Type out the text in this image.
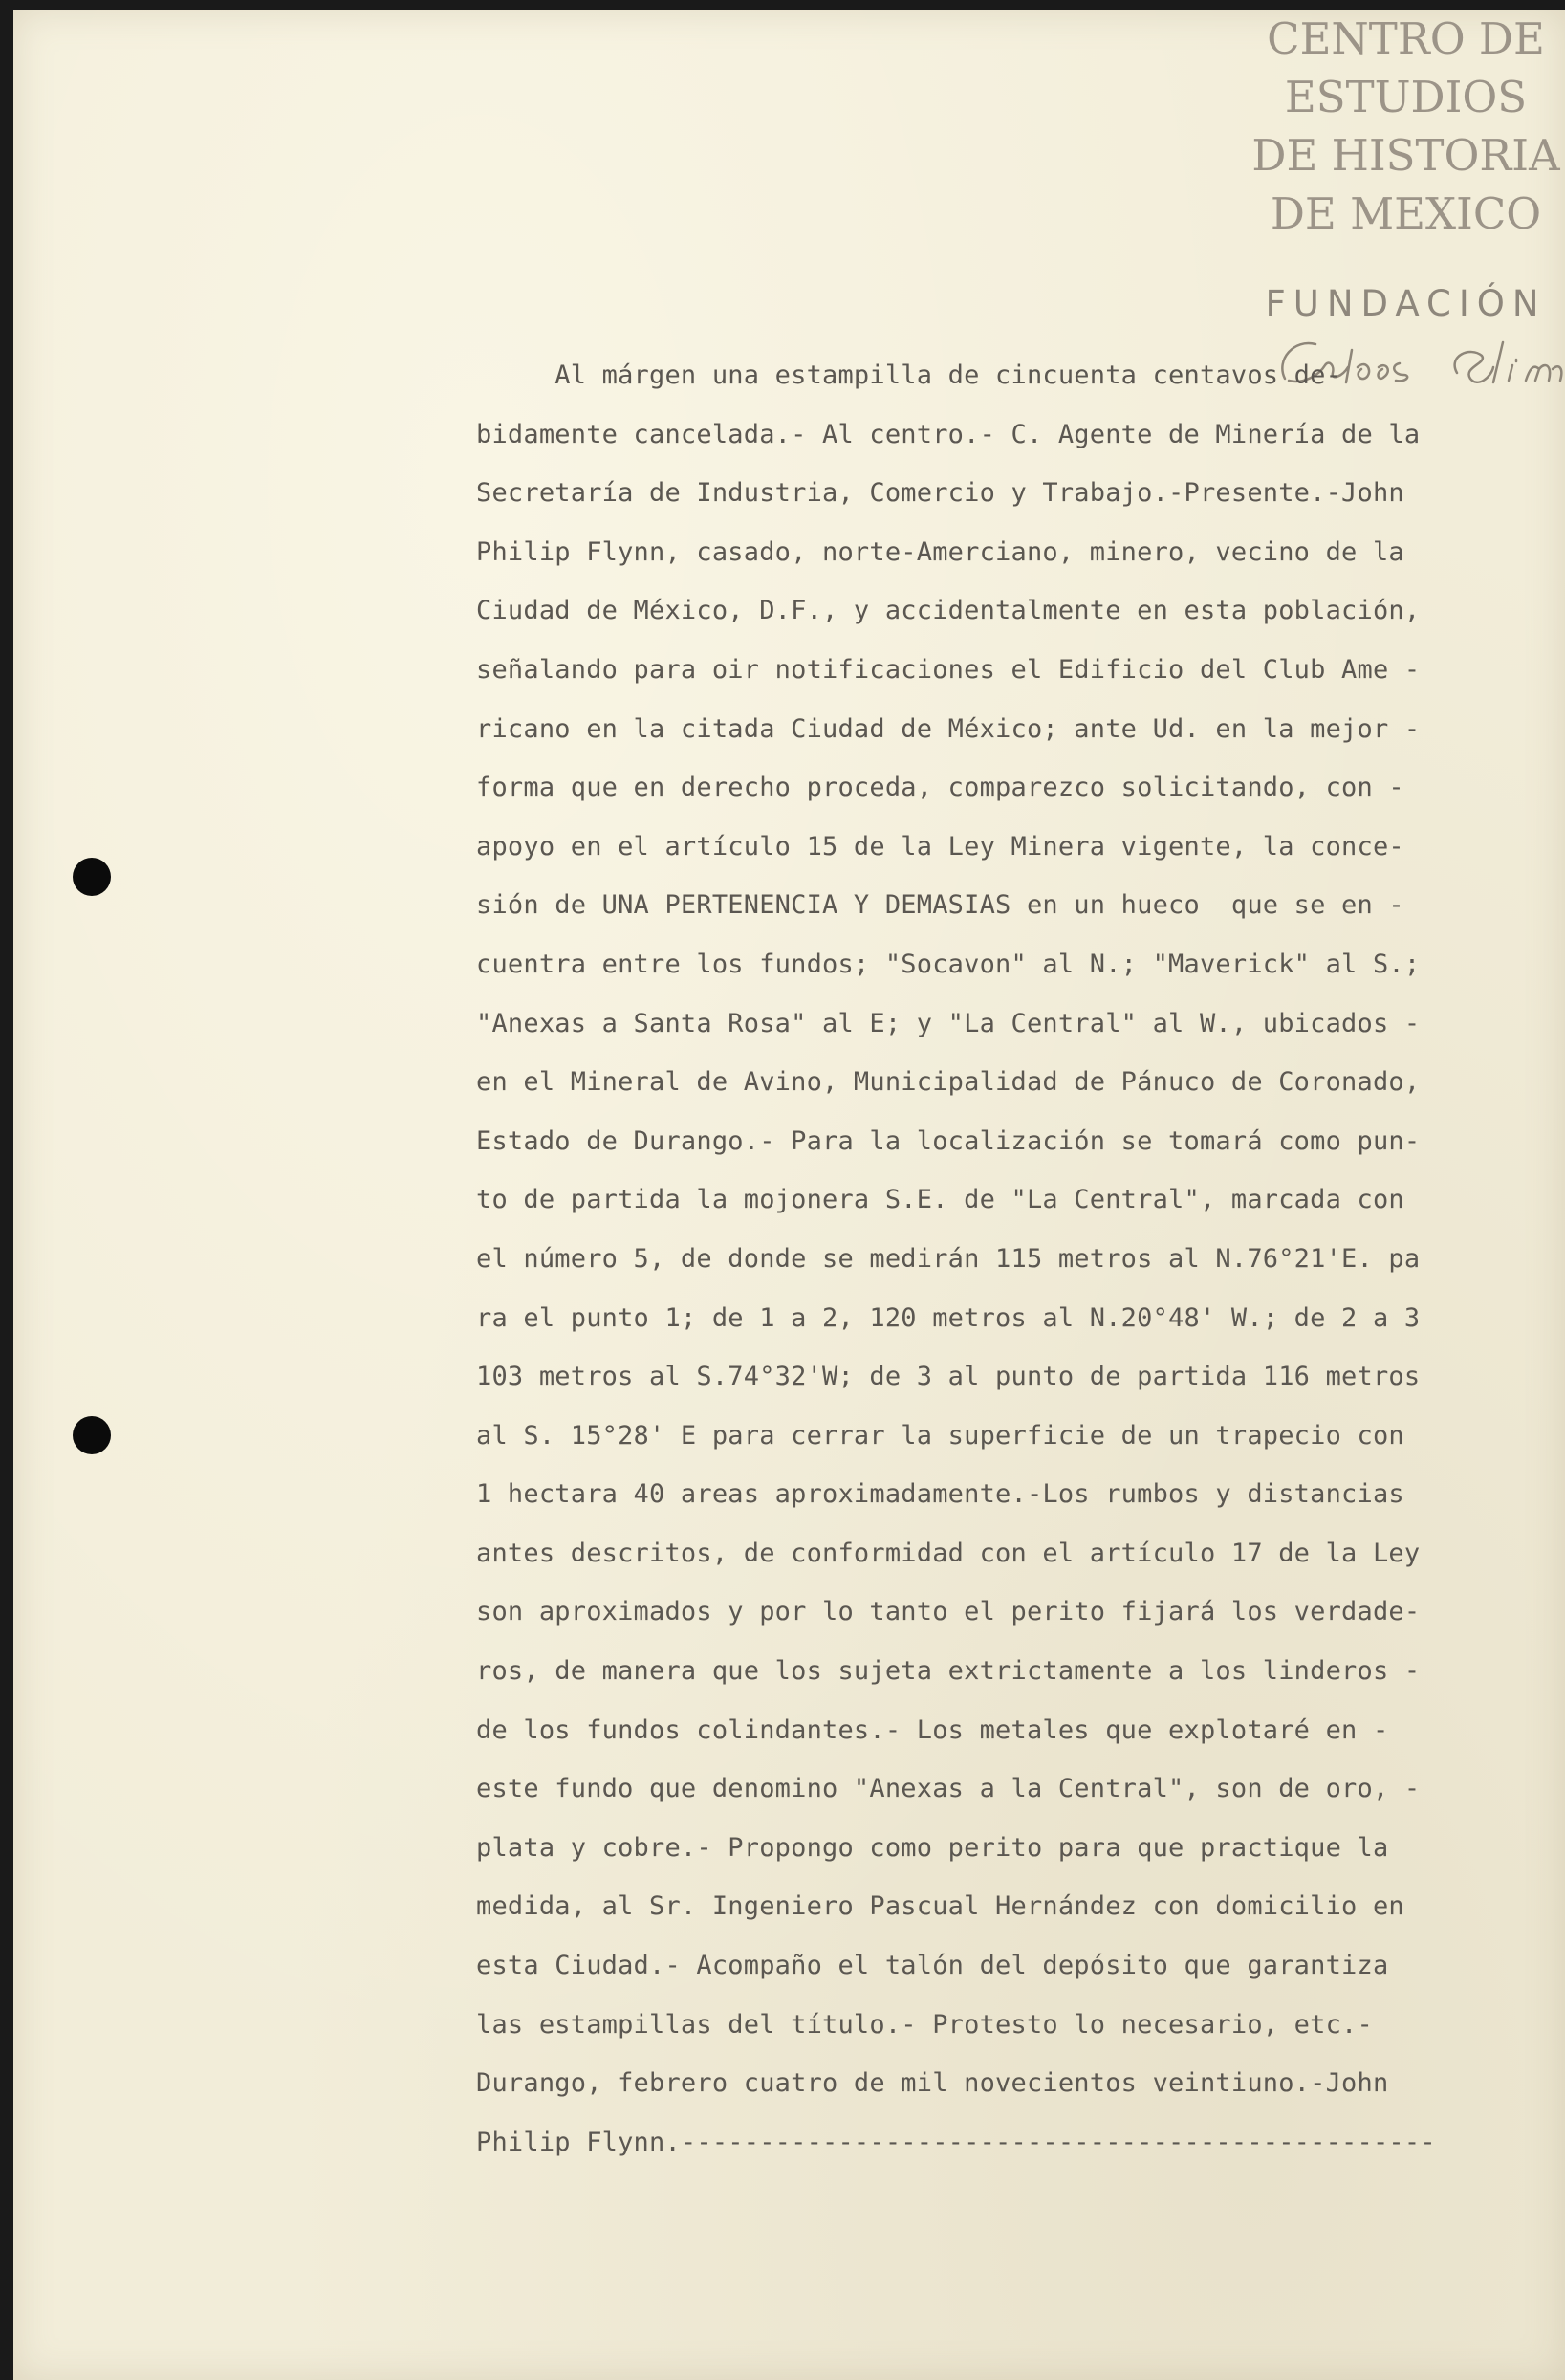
CENTRO DE
ESTUDIOS
DE HISTORIA
DE MEXICO
FUNDACIÓN
Al márgen una estampilla de cincuenta centavos de-
bidamente cancelada.- Al centro.- C. Agente de Minería de la
Secretaría de Industria, Comercio y Trabajo.-Presente.-John
Philip Flynn, casado, norte-Amerciano, minero, vecino de la
Ciudad de México, D.F., y accidentalmente en esta población,
señalando para oir notificaciones el Edificio del Club Ame -
ricano en la citada Ciudad de México; ante Ud. en la mejor -
forma que en derecho proceda, comparezco solicitando, con -
apoyo en el artículo 15 de la Ley Minera vigente, la conce-
sión de UNA PERTENENCIA Y DEMASIAS en un hueco  que se en -
cuentra entre los fundos; "Socavon" al N.; "Maverick" al S.;
"Anexas a Santa Rosa" al E; y "La Central" al W., ubicados -
en el Mineral de Avino, Municipalidad de Pánuco de Coronado,
Estado de Durango.- Para la localización se tomará como pun-
to de partida la mojonera S.E. de "La Central", marcada con
el número 5, de donde se medirán 115 metros al N.76°21'E. pa
ra el punto 1; de 1 a 2, 120 metros al N.20°48' W.; de 2 a 3
103 metros al S.74°32'W; de 3 al punto de partida 116 metros
al S. 15°28' E para cerrar la superficie de un trapecio con
1 hectara 40 areas aproximadamente.-Los rumbos y distancias
antes descritos, de conformidad con el artículo 17 de la Ley
son aproximados y por lo tanto el perito fijará los verdade-
ros, de manera que los sujeta extrictamente a los linderos -
de los fundos colindantes.- Los metales que explotaré en -
este fundo que denomino "Anexas a la Central", son de oro, -
plata y cobre.- Propongo como perito para que practique la
medida, al Sr. Ingeniero Pascual Hernández con domicilio en
esta Ciudad.- Acompaño el talón del depósito que garantiza
las estampillas del título.- Protesto lo necesario, etc.-
Durango, febrero cuatro de mil novecientos veintiuno.-John
Philip Flynn.------------------------------------------------
